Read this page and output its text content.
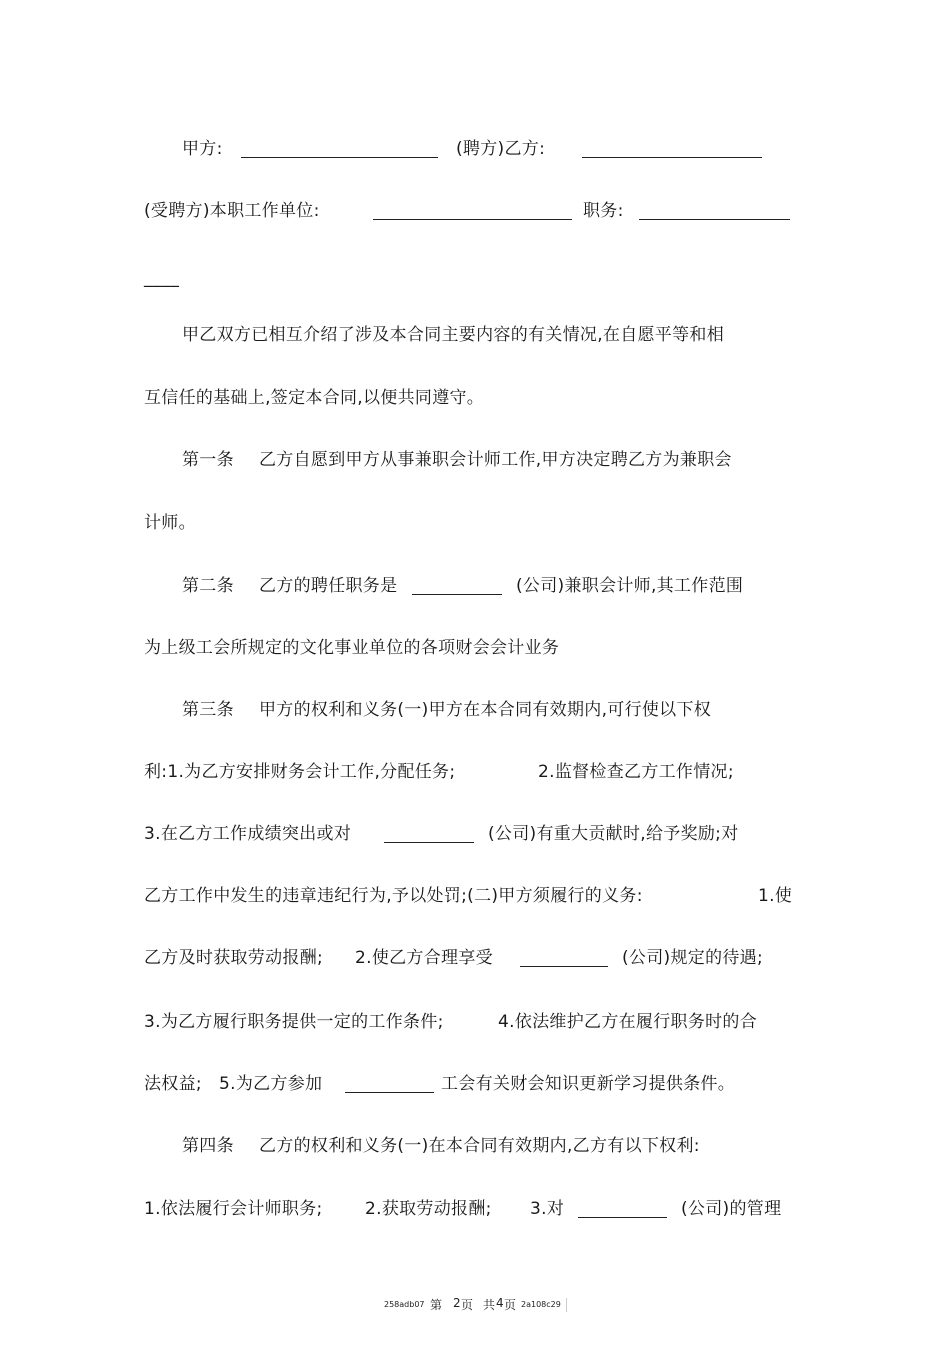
甲方:	(聘方)乙方:
(受聘方)本职工作单位:	职务:
____
甲乙双方已相互介绍了涉及本合同主要内容的有关情况,在自愿平等和相
互信任的基础上,签定本合同,以便共同遵守。
第一条 乙方自愿到甲方从事兼职会计师工作,甲方决定聘乙方为兼职会
计师。
第二条 乙方的聘任职务是	(公司)兼职会计师,其工作范围
为上级工会所规定的文化事业单位的各项财会会计业务
第三条 甲方的权利和义务(一)甲方在本合同有效期内,可行使以下权
利:1.为乙方安排财务会计工作,分配任务;	2.监督检查乙方工作情况;
3.在乙方工作成绩突出或对	(公司)有重大贡献时,给予奖励;对
乙方工作中发生的违章违纪行为,予以处罚;(二)甲方须履行的义务:	1.使
乙方及时获取劳动报酬; 2.使乙方合理享受	(公司)规定的待遇;
3.为乙方履行职务提供一定的工作条件;	4.依法维护乙方在履行职务时的合
法权益; 5.为乙方参加	工会有关财会知识更新学习提供条件。
第四条 乙方的权利和义务(一)在本合同有效期内,乙方有以下权利:
1.依法履行会计师职务; 2.获取劳动报酬; 3.对	(公司)的管理
258adb07 第 2 页 共 4 页 2a108c29
